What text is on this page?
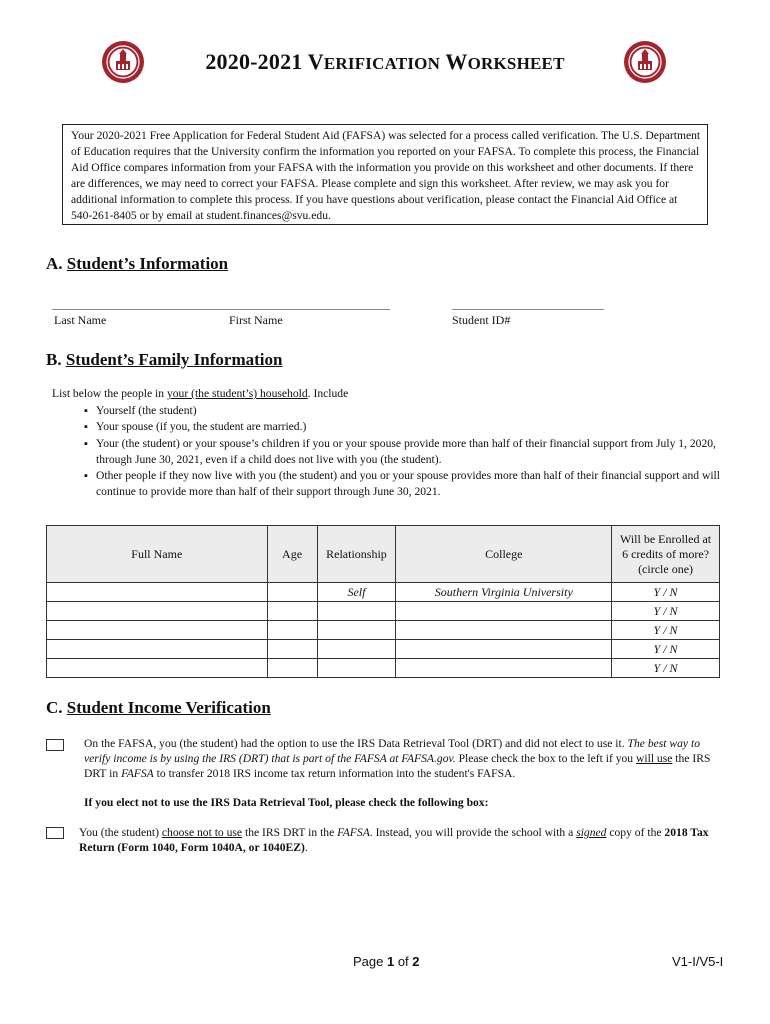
2020-2021 VERIFICATION WORKSHEET
Your 2020-2021 Free Application for Federal Student Aid (FAFSA) was selected for a process called verification. The U.S. Department of Education requires that the University confirm the information you reported on your FAFSA. To complete this process, the Financial Aid Office compares information from your FAFSA with the information you provide on this worksheet and other documents. If there are differences, we may need to correct your FAFSA. Please complete and sign this worksheet. After review, we may ask you for additional information to complete this process. If you have questions about verification, please contact the Financial Aid Office at 540-261-8405 or by email at student.finances@svu.edu.
A. Student’s Information
Last Name	First Name	Student ID#
B. Student’s Family Information
List below the people in your (the student’s) household. Include
▪ Yourself (the student)
▪ Your spouse (if you, the student are married.)
▪ Your (the student) or your spouse’s children if you or your spouse provide more than half of their financial support from July 1, 2020, through June 30, 2021, even if a child does not live with you (the student).
▪ Other people if they now live with you (the student) and you or your spouse provides more than half of their financial support and will continue to provide more than half of their support through June 30, 2021.
Full Name	Age	Relationship	College	Will be Enrolled at 6 credits of more? (circle one)
		Self	Southern Virginia University	Y / N
				Y / N
				Y / N
				Y / N
				Y / N
C. Student Income Verification
On the FAFSA, you (the student) had the option to use the IRS Data Retrieval Tool (DRT) and did not elect to use it. The best way to verify income is by using the IRS (DRT) that is part of the FAFSA at FAFSA.gov. Please check the box to the left if you will use the IRS DRT in FAFSA to transfer 2018 IRS income tax return information into the student's FAFSA.
If you elect not to use the IRS Data Retrieval Tool, please check the following box:
You (the student) choose not to use the IRS DRT in the FAFSA. Instead, you will provide the school with a signed copy of the 2018 Tax Return (Form 1040, Form 1040A, or 1040EZ).
Page 1 of 2	V1-I/V5-I
